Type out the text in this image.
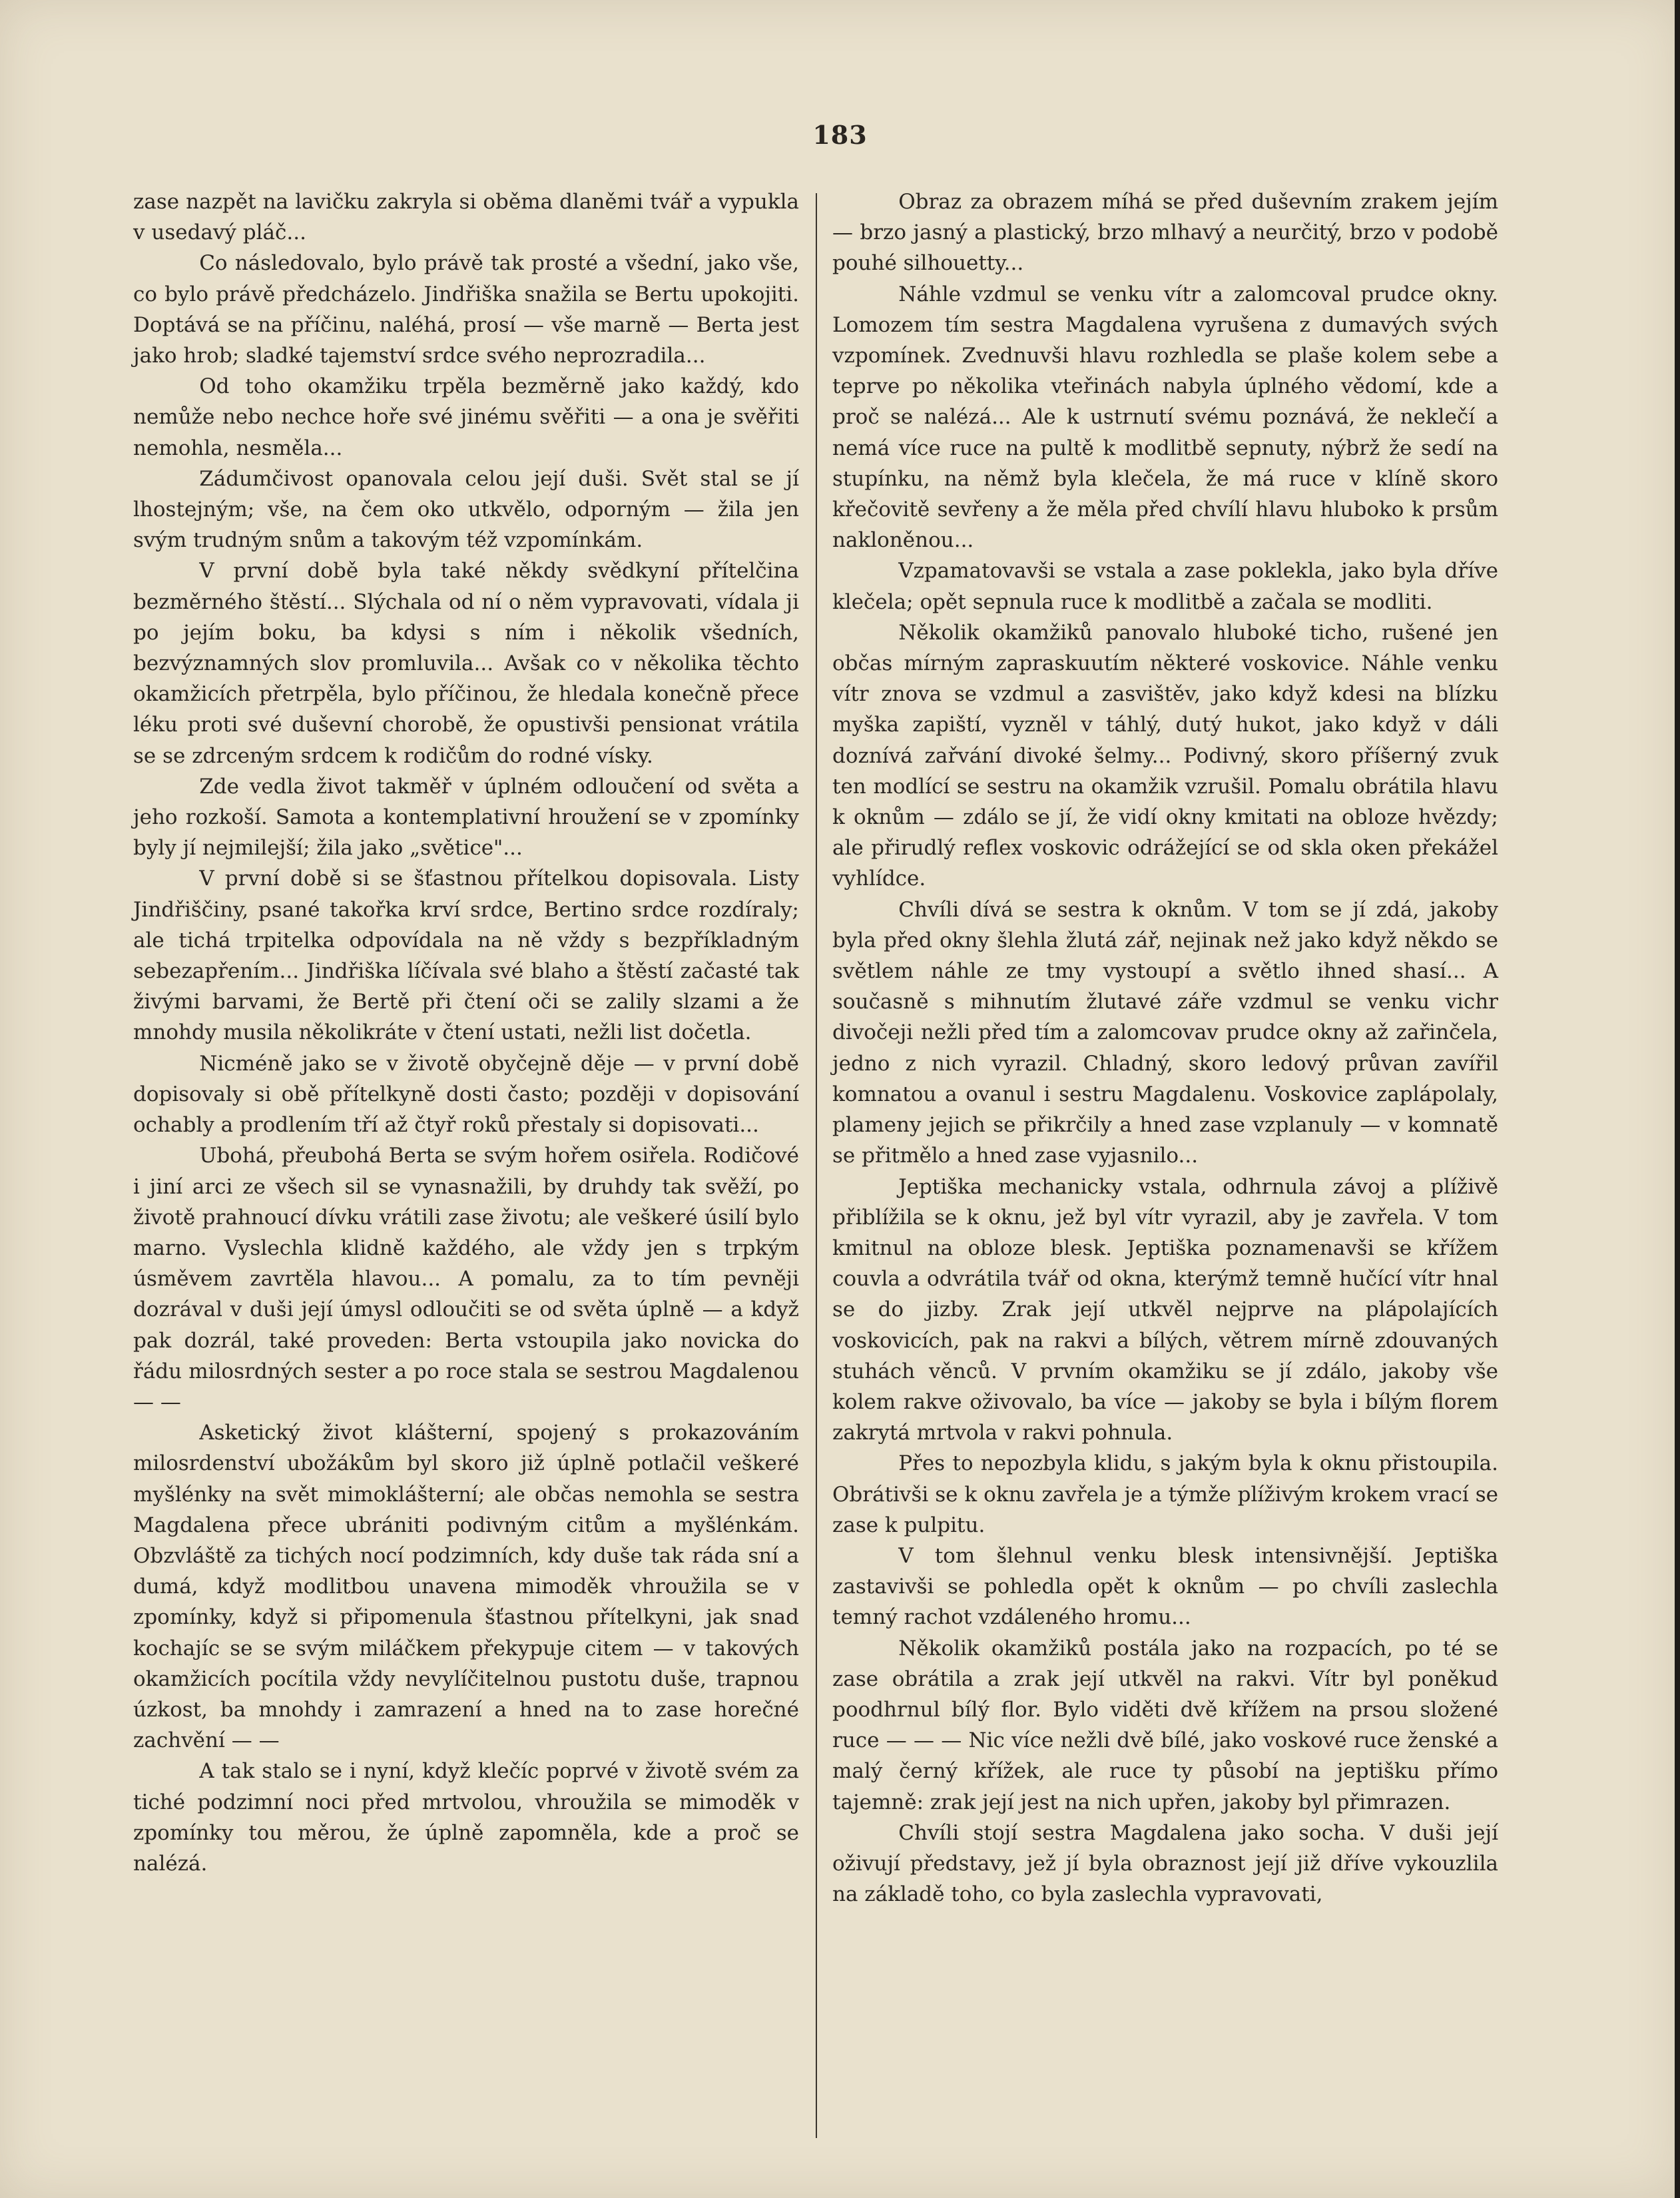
183

zase nazpět na lavičku zakryla si oběma dlaněmi tvář a vypukla v usedavý pláč...

Co následovalo, bylo právě tak prosté a všední, jako vše, co bylo právě předcházelo. Jindřiška snažila se Bertu upokojiti. Doptává se na příčinu, naléhá, prosí — vše marně — Berta jest jako hrob; sladké tajemství srdce svého neprozradila...

Od toho okamžiku trpěla bezměrně jako každý, kdo nemůže nebo nechce hoře své jinému svěřiti — a ona je svěřiti nemohla, nesměla...

Zádumčivost opanovala celou její duši. Svět stal se jí lhostejným; vše, na čem oko utkvělo, odporným — žila jen svým trudným snům a takovým též vzpomínkám.

V první době byla také někdy svědkyní přítelčina bezměrného štěstí... Slýchala od ní o něm vypravovati, vídala ji po jejím boku, ba kdysi s ním i několik všedních, bezvýznamných slov promluvila... Avšak co v několika těchto okamžicích přetrpěla, bylo příčinou, že hledala konečně přece léku proti své duševní chorobě, že opustivši pensionat vrátila se se zdrceným srdcem k rodičům do rodné vísky.

Zde vedla život takměř v úplném odloučení od světa a jeho rozkoší. Samota a kontemplativní hroužení se v zpomínky byly jí nejmilejší; žila jako „světice"...

V první době si se šťastnou přítelkou dopisovala. Listy Jindřiščiny, psané takořka krví srdce, Bertino srdce rozdíraly; ale tichá trpitelka odpovídala na ně vždy s bezpříkladným sebezapřením... Jindřiška líčívala své blaho a štěstí začasté tak živými barvami, že Bertě při čtení oči se zalily slzami a že mnohdy musila několikráte v čtení ustati, nežli list dočetla.

Nicméně jako se v životě obyčejně děje — v první době dopisovaly si obě přítelkyně dosti často; později v dopisování ochably a prodlením tří až čtyř roků přestaly si dopisovati...

Ubohá, přeubohá Berta se svým hořem osiřela. Rodičové i jiní arci ze všech sil se vynasnažili, by druhdy tak svěží, po životě prahnoucí dívku vrátili zase životu; ale veškeré úsilí bylo marno. Vyslechla klidně každého, ale vždy jen s trpkým úsměvem zavrtěla hlavou... A pomalu, za to tím pevněji dozrával v duši její úmysl odloučiti se od světa úplně — a když pak dozrál, také proveden: Berta vstoupila jako novicka do řádu milosrdných sester a po roce stala se sestrou Magdalenou — —

Asketický život klášterní, spojený s prokazováním milosrdenství ubožákům byl skoro již úplně potlačil veškeré myšlénky na svět mimoklášterní; ale občas nemohla se sestra Magdalena přece ubrániti podivným citům a myšlénkám. Obzvláště za tichých nocí podzimních, kdy duše tak ráda sní a dumá, když modlitbou unavena mimoděk vhroužila se v zpomínky, když si připomenula šťastnou přítelkyni, jak snad kochajíc se se svým miláčkem překypuje citem — v takových okamžicích pocítila vždy nevylíčitelnou pustotu duše, trapnou úzkost, ba mnohdy i zamrazení a hned na to zase horečné zachvění — —

A tak stalo se i nyní, když klečíc poprvé v životě svém za tiché podzimní noci před mrtvolou, vhroužila se mimoděk v zpomínky tou měrou, že úplně zapomněla, kde a proč se nalézá.

Obraz za obrazem míhá se před duševním zrakem jejím — brzo jasný a plastický, brzo mlhavý a neurčitý, brzo v podobě pouhé silhouetty...

Náhle vzdmul se venku vítr a zalomcoval prudce okny. Lomozem tím sestra Magdalena vyrušena z dumavých svých vzpomínek. Zvednuvši hlavu rozhledla se plaše kolem sebe a teprve po několika vteřinách nabyla úplného vědomí, kde a proč se nalézá... Ale k ustrnutí svému poznává, že neklečí a nemá více ruce na pultě k modlitbě sepnuty, nýbrž že sedí na stupínku, na němž byla klečela, že má ruce v klíně skoro křečovitě sevřeny a že měla před chvílí hlavu hluboko k prsům nakloněnou...

Vzpamatovavši se vstala a zase poklekla, jako byla dříve klečela; opět sepnula ruce k modlitbě a začala se modliti.

Několik okamžiků panovalo hluboké ticho, rušené jen občas mírným zapraskuutím některé voskovice. Náhle venku vítr znova se vzdmul a zasvištěv, jako když kdesi na blízku myška zapiští, vyzněl v táhlý, dutý hukot, jako když v dáli doznívá zařvání divoké šelmy... Podivný, skoro příšerný zvuk ten modlící se sestru na okamžik vzrušil. Pomalu obrátila hlavu k oknům — zdálo se jí, že vidí okny kmitati na obloze hvězdy; ale přirudlý reflex voskovic odrážející se od skla oken překážel vyhlídce.

Chvíli dívá se sestra k oknům. V tom se jí zdá, jakoby byla před okny šlehla žlutá zář, nejinak než jako když někdo se světlem náhle ze tmy vystoupí a světlo ihned shasí... A současně s mihnutím žlutavé záře vzdmul se venku vichr divočeji nežli před tím a zalomcovav prudce okny až zařinčela, jedno z nich vyrazil. Chladný, skoro ledový průvan zavířil komnatou a ovanul i sestru Magdalenu. Voskovice zaplápolaly, plameny jejich se přikrčily a hned zase vzplanuly — v komnatě se přitmělo a hned zase vyjasnilo...

Jeptiška mechanicky vstala, odhrnula závoj a plíživě přiblížila se k oknu, jež byl vítr vyrazil, aby je zavřela. V tom kmitnul na obloze blesk. Jeptiška poznamenavši se křížem couvla a odvrátila tvář od okna, kterýmž temně hučící vítr hnal se do jizby. Zrak její utkvěl nejprve na plápolajících voskovicích, pak na rakvi a bílých, větrem mírně zdouvaných stuhách věnců. V prvním okamžiku se jí zdálo, jakoby vše kolem rakve oživovalo, ba více — jakoby se byla i bílým florem zakrytá mrtvola v rakvi pohnula.

Přes to nepozbyla klidu, s jakým byla k oknu přistoupila. Obrátivši se k oknu zavřela je a týmže plíživým krokem vrací se zase k pulpitu.

V tom šlehnul venku blesk intensivnější. Jeptiška zastavivši se pohledla opět k oknům — po chvíli zaslechla temný rachot vzdáleného hromu...

Několik okamžiků postála jako na rozpacích, po té se zase obrátila a zrak její utkvěl na rakvi. Vítr byl poněkud poodhrnul bílý flor. Bylo viděti dvě křížem na prsou složené ruce — — — Nic více nežli dvě bílé, jako voskové ruce ženské a malý černý křížek, ale ruce ty působí na jeptišku přímo tajemně: zrak její jest na nich upřen, jakoby byl přimrazen.

Chvíli stojí sestra Magdalena jako socha. V duši její oživují představy, jež jí byla obraznost její již dříve vykouzlila na základě toho, co byla zaslechla vypravovati,
